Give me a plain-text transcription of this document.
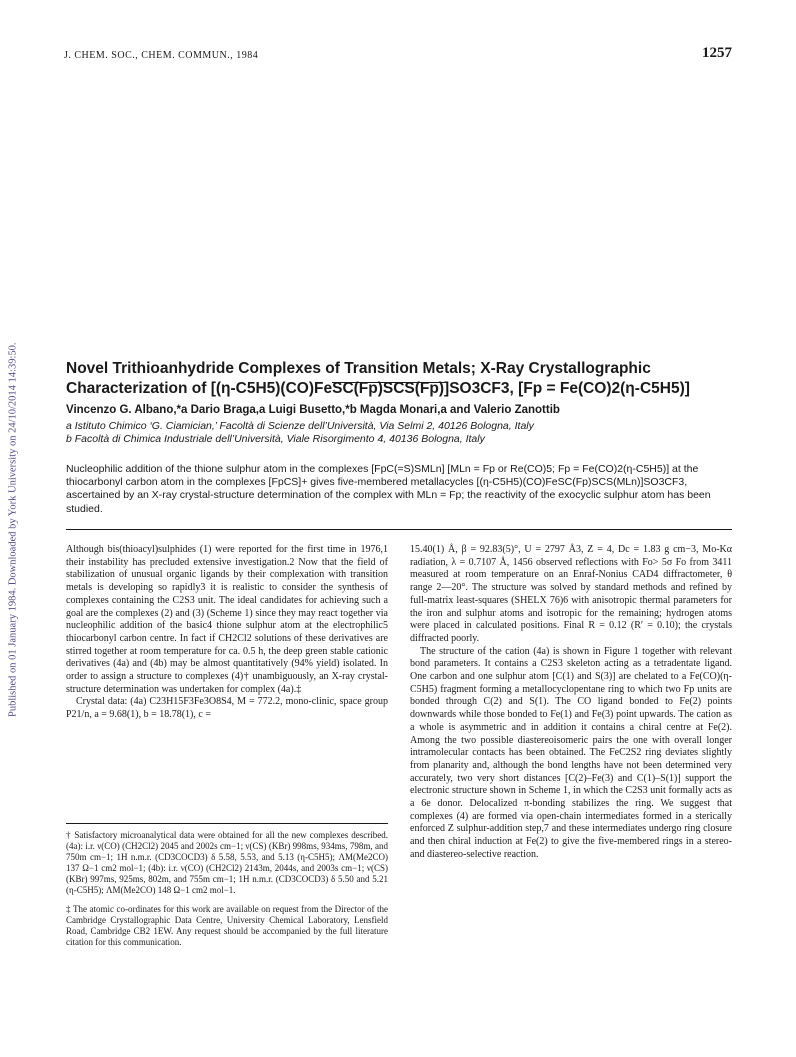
J. CHEM. SOC., CHEM. COMMUN., 1984	1257
Published on 01 January 1984. Downloaded by York University on 24/10/2014 14:39:50.	Novel Trithioanhydride Complexes of Transition Metals; X-Ray Crystallographic
Characterization of [(η-C5H5)(CO)FeSC(Fp)SCS(Fp)]SO3CF3, [Fp = Fe(CO)2(η-C5H5)]
Vincenzo G. Albano,*a Dario Braga,a Luigi Busetto,*b Magda Monari,a and Valerio Zanottib
a Istituto Chimico ‘G. Ciamician,’ Facoltà di Scienze dell’Università, Via Selmi 2, 40126 Bologna, Italy
b Facoltà di Chimica Industriale dell’Università, Viale Risorgimento 4, 40136 Bologna, Italy
Nucleophilic addition of the thione sulphur atom in the complexes [FpC(=S)SMLn] [MLn = Fp or Re(CO)5; Fp = Fe(CO)2(η-C5H5)] at the thiocarbonyl carbon atom in the complexes [FpCS]+ gives five-membered metallacycles [(η-C5H5)(CO)FeSC(Fp)SCS(MLn)]SO3CF3, ascertained by an X-ray crystal-structure determination of the complex with MLn = Fp; the reactivity of the exocyclic sulphur atom has been studied.

Although bis(thioacyl)sulphides (1) were reported for the first time in 1976,1 their instability has precluded extensive investigation.2 Now that the field of stabilization of unusual organic ligands by their complexation with transition metals is developing so rapidly3 it is realistic to consider the synthesis of complexes containing the C2S3 unit. The ideal candidates for achieving such a goal are the complexes (2) and (3) (Scheme 1) since they may react together via nucleophilic addition of the basic4 thione sulphur atom at the electrophilic5 thiocarbonyl carbon centre. In fact if CH2Cl2 solutions of these derivatives are stirred together at room temperature for ca. 0.5 h, the deep green stable cationic derivatives (4a) and (4b) may be almost quantitatively (94% yield) isolated. In order to assign a structure to complexes (4)† unambiguously, an X-ray crystal-structure determination was undertaken for complex (4a).‡

Crystal data: (4a) C23H15F3Fe3O8S4, M = 772.2, mono-clinic, space group P21/n, a = 9.68(1), b = 18.78(1), c =

15.40(1) Å, β = 92.83(5)°, U = 2797 Å3, Z = 4, Dc = 1.83 g cm−3, Mo-Kα radiation, λ = 0.7107 Å, 1456 observed reflections with Fo> 5σ Fo from 3411 measured at room temperature on an Enraf-Nonius CAD4 diffractometer, θ range 2—20°. The structure was solved by standard methods and refined by full-matrix least-squares (SHELX 76)6 with anisotropic thermal parameters for the iron and sulphur atoms and isotropic for the remaining; hydrogen atoms were placed in calculated positions. Final R = 0.12 (R′ = 0.10); the crystals diffracted poorly.

The structure of the cation (4a) is shown in Figure 1 together with relevant bond parameters. It contains a C2S3 skeleton acting as a tetradentate ligand. One carbon and one sulphur atom [C(1) and S(3)] are chelated to a Fe(CO)(η-C5H5) fragment forming a metallocyclopentane ring to which two Fp units are bonded through C(2) and S(1). The CO ligand bonded to Fe(2) points downwards while those bonded to Fe(1) and Fe(3) point upwards. The cation as a whole is asymmetric and in addition it contains a chiral centre at Fe(2). Among the two possible diastereoisomeric pairs the one with overall longer intramolecular contacts has been obtained. The FeC2S2 ring deviates slightly from planarity and, although the bond lengths have not been determined very accurately, two very short distances [C(2)–Fe(3) and C(1)–S(1)] support the electronic structure shown in Scheme 1, in which the C2S3 unit formally acts as a 6e donor. Delocalized π-bonding stabilizes the ring. We suggest that complexes (4) are formed via open-chain intermediates formed in a sterically enforced Z sulphur-addition step,7 and these intermediates undergo ring closure and then chiral induction at Fe(2) to give the five-membered rings in a stereo- and diastereo-selective reaction.

† Satisfactory microanalytical data were obtained for all the new complexes described. (4a): i.r. ν(CO) (CH2Cl2) 2045 and 2002s cm−1; ν(CS) (KBr) 998ms, 934ms, 798m, and 750m cm−1; 1H n.m.r. (CD3COCD3) δ 5.58, 5.53, and 5.13 (η-C5H5); ΛM(Me2CO) 137 Ω−1 cm2 mol−1; (4b): i.r. ν(CO) (CH2Cl2) 2143m, 2044s, and 2003s cm−1; ν(CS) (KBr) 997ms, 925ms, 802m, and 755m cm−1; 1H n.m.r. (CD3COCD3) δ 5.50 and 5.21 (η-C5H5); ΛM(Me2CO) 148 Ω−1 cm2 mol−1.

‡ The atomic co-ordinates for this work are available on request from the Director of the Cambridge Crystallographic Data Centre, University Chemical Laboratory, Lensfield Road, Cambridge CB2 1EW. Any request should be accompanied by the full literature citation for this communication.
